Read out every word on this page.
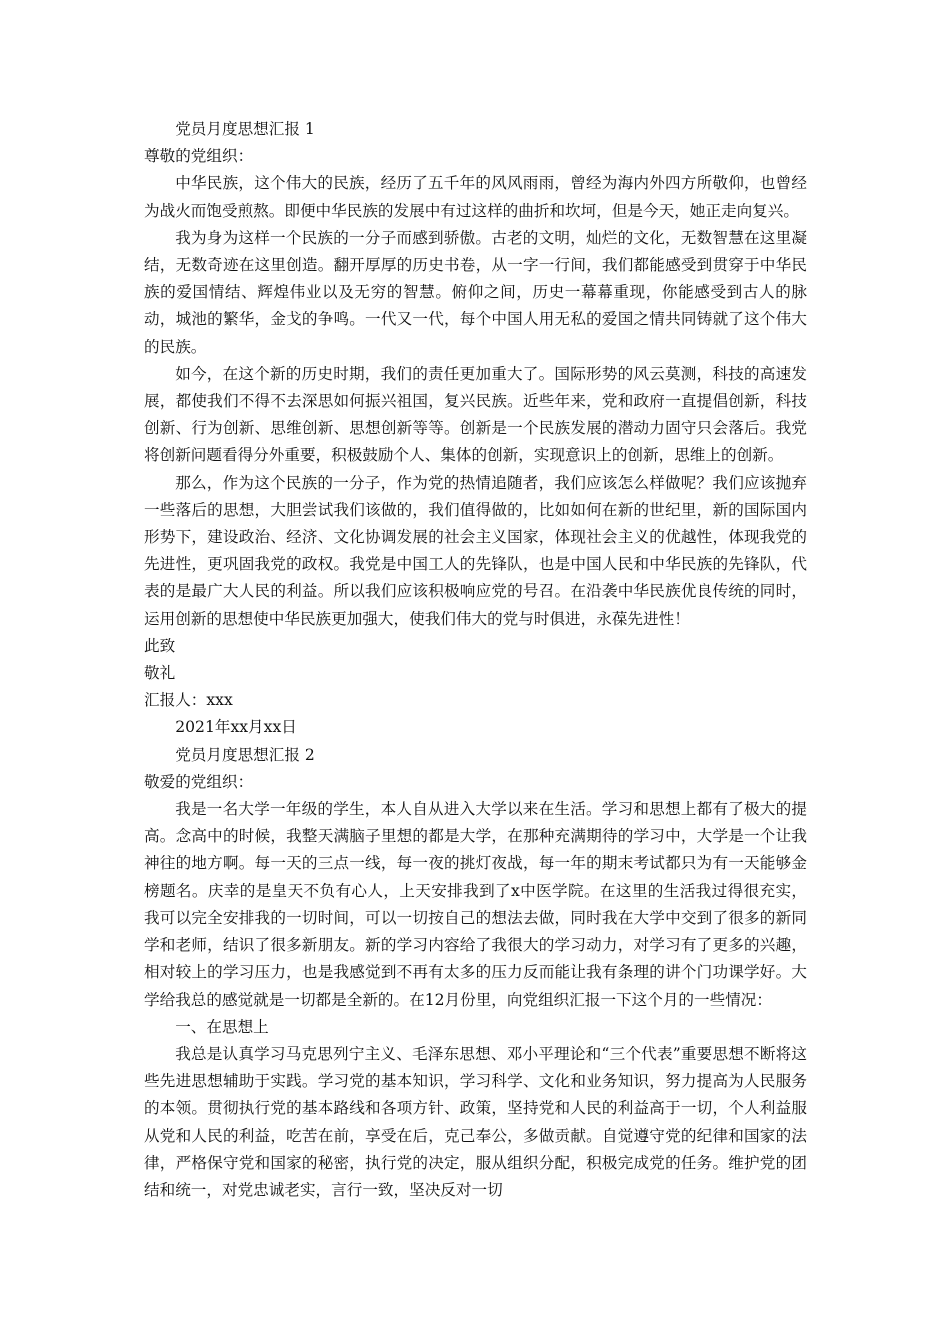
党员月度思想汇报 1

尊敬的党组织：

中华民族，这个伟大的民族，经历了五千年的风风雨雨，曾经为海内外四方所敬仰，也曾经为战火而饱受煎熬。即便中华民族的发展中有过这样的曲折和坎坷，但是今天，她正走向复兴。

我为身为这样一个民族的一分子而感到骄傲。古老的文明，灿烂的文化，无数智慧在这里凝结，无数奇迹在这里创造。翻开厚厚的历史书卷，从一字一行间，我们都能感受到贯穿于中华民族的爱国情结、辉煌伟业以及无穷的智慧。俯仰之间，历史一幕幕重现，你能感受到古人的脉动，城池的繁华，金戈的争鸣。一代又一代，每个中国人用无私的爱国之情共同铸就了这个伟大的民族。

如今，在这个新的历史时期，我们的责任更加重大了。国际形势的风云莫测，科技的高速发展，都使我们不得不去深思如何振兴祖国，复兴民族。近些年来，党和政府一直提倡创新，科技创新、行为创新、思维创新、思想创新等等。创新是一个民族发展的潜动力固守只会落后。我党将创新问题看得分外重要，积极鼓励个人、集体的创新，实现意识上的创新，思维上的创新。

那么，作为这个民族的一分子，作为党的热情追随者，我们应该怎么样做呢？我们应该抛弃一些落后的思想，大胆尝试我们该做的，我们值得做的，比如如何在新的世纪里，新的国际国内形势下，建设政治、经济、文化协调发展的社会主义国家，体现社会主义的优越性，体现我党的先进性，更巩固我党的政权。我党是中国工人的先锋队，也是中国人民和中华民族的先锋队，代表的是最广大人民的利益。所以我们应该积极响应党的号召。在沿袭中华民族优良传统的同时，运用创新的思想使中华民族更加强大，使我们伟大的党与时俱进，永葆先进性！

此致

敬礼

汇报人：xxx

2021年xx月xx日

党员月度思想汇报 2

敬爱的党组织：

我是一名大学一年级的学生，本人自从进入大学以来在生活。学习和思想上都有了极大的提高。念高中的时候，我整天满脑子里想的都是大学，在那种充满期待的学习中，大学是一个让我神往的地方啊。每一天的三点一线，每一夜的挑灯夜战，每一年的期末考试都只为有一天能够金榜题名。庆幸的是皇天不负有心人，上天安排我到了x中医学院。在这里的生活我过得很充实，我可以完全安排我的一切时间，可以一切按自己的想法去做，同时我在大学中交到了很多的新同学和老师，结识了很多新朋友。新的学习内容给了我很大的学习动力，对学习有了更多的兴趣，相对较上的学习压力，也是我感觉到不再有太多的压力反而能让我有条理的讲个门功课学好。大学给我总的感觉就是一切都是全新的。在12月份里，向党组织汇报一下这个月的一些情况：

一、在思想上

我总是认真学习马克思列宁主义、毛泽东思想、邓小平理论和“三个代表”重要思想不断将这些先进思想辅助于实践。学习党的基本知识，学习科学、文化和业务知识，努力提高为人民服务的本领。贯彻执行党的基本路线和各项方针、政策，坚持党和人民的利益高于一切，个人利益服从党和人民的利益，吃苦在前，享受在后，克己奉公，多做贡献。自觉遵守党的纪律和国家的法律，严格保守党和国家的秘密，执行党的决定，服从组织分配，积极完成党的任务。维护党的团结和统一，对党忠诚老实，言行一致，坚决反对一切
